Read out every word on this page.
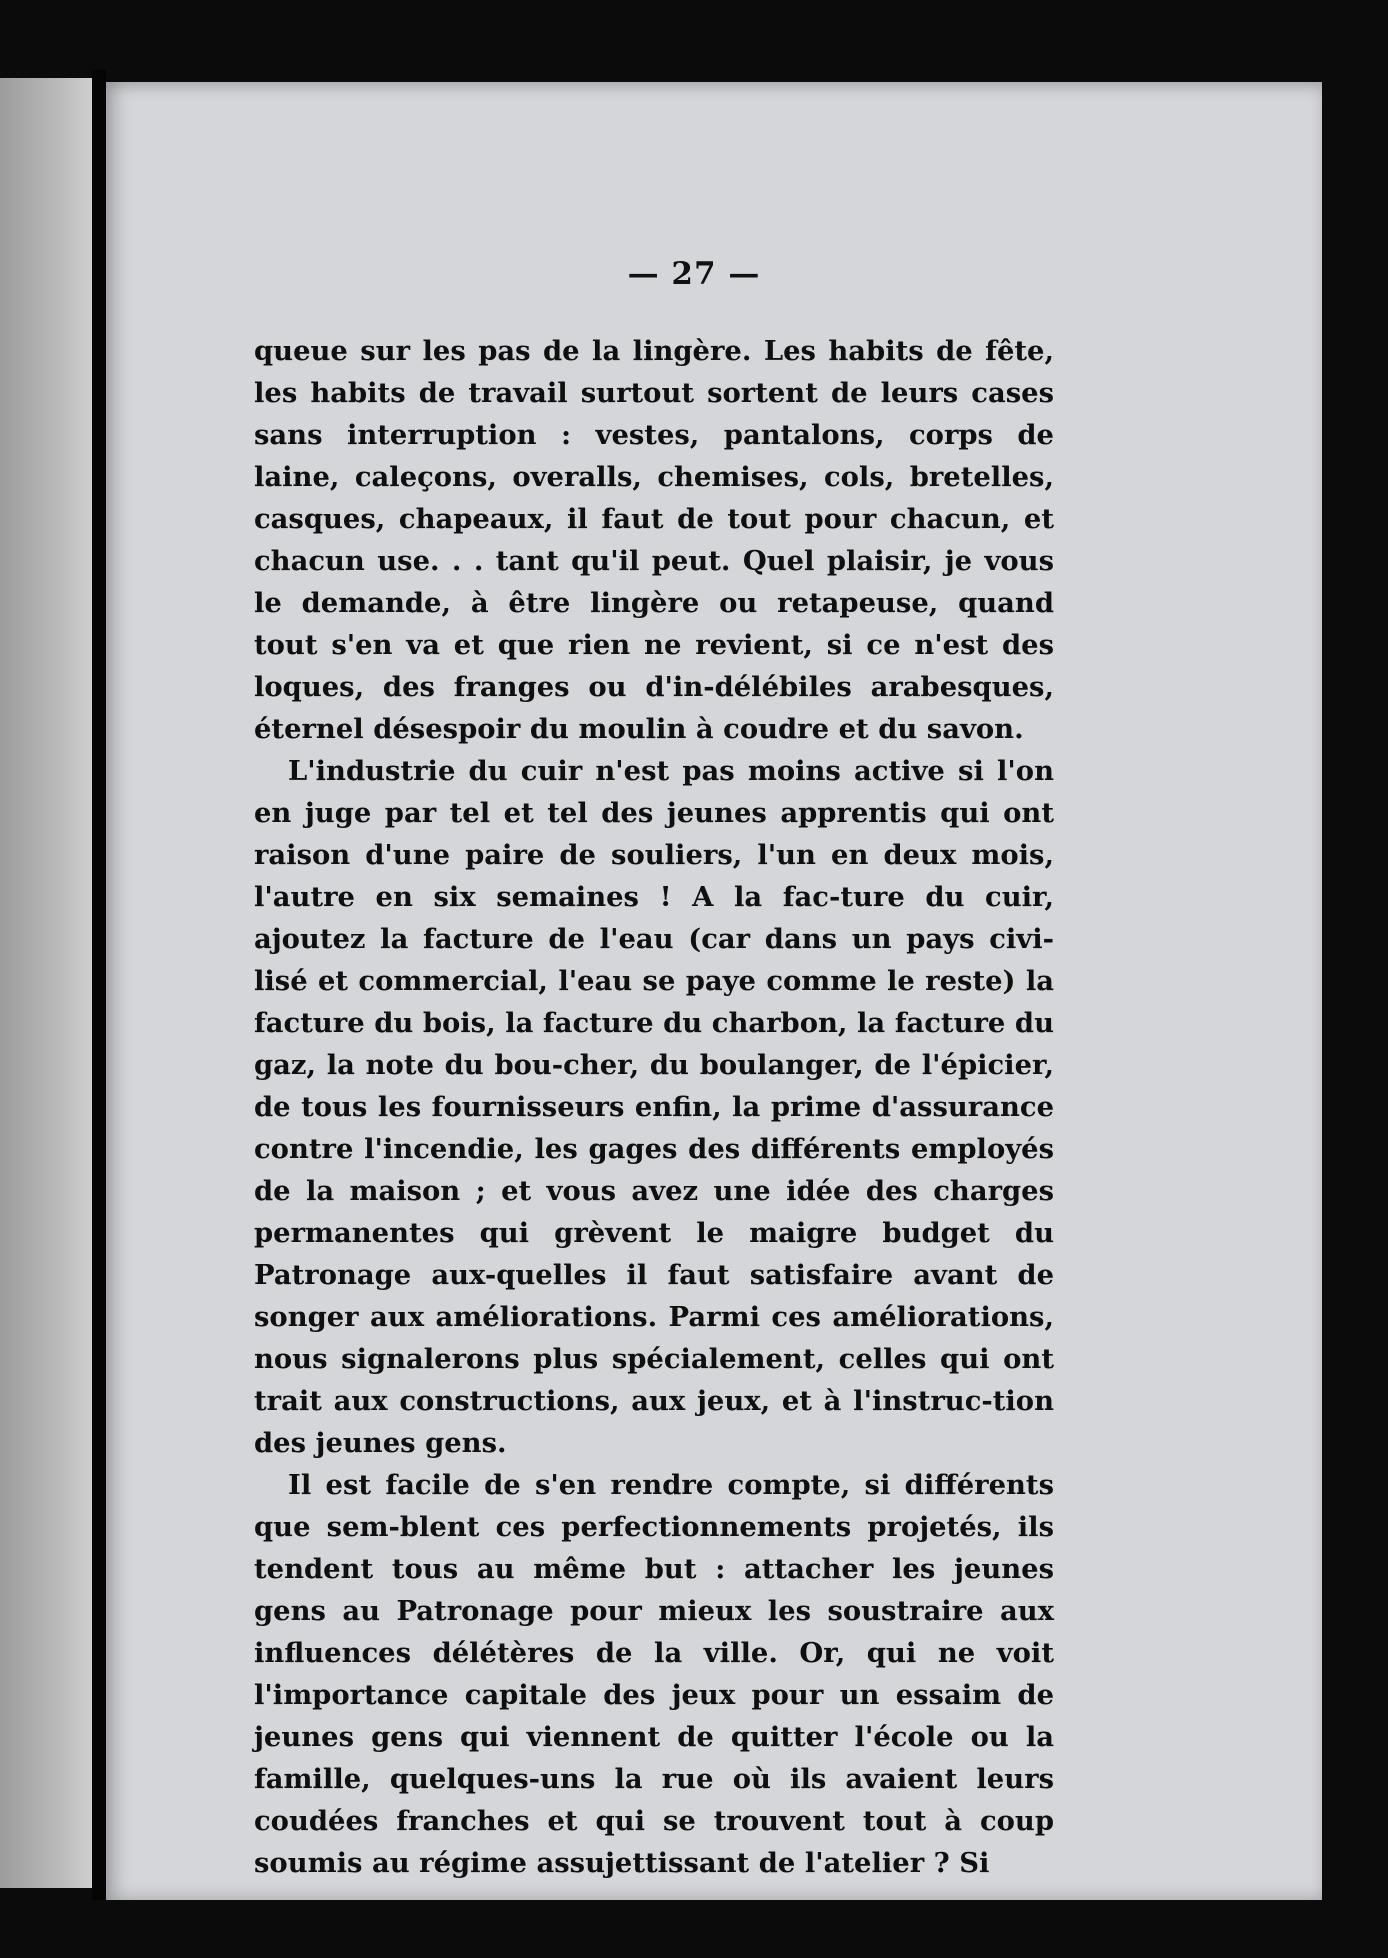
— 27 —

queue sur les pas de la lingère. Les habits de fête, les habits de travail surtout sortent de leurs cases sans interruption : vestes, pantalons, corps de laine, caleçons, overalls, chemises, cols, bretelles, casques, chapeaux, il faut de tout pour chacun, et chacun use. . . tant qu'il peut. Quel plaisir, je vous le demande, à être lingère ou retapeuse, quand tout s'en va et que rien ne revient, si ce n'est des loques, des franges ou d'in-délébiles arabesques, éternel désespoir du moulin à coudre et du savon.

L'industrie du cuir n'est pas moins active si l'on en juge par tel et tel des jeunes apprentis qui ont raison d'une paire de souliers, l'un en deux mois, l'autre en six semaines ! A la fac-ture du cuir, ajoutez la facture de l'eau (car dans un pays civi-lisé et commercial, l'eau se paye comme le reste) la facture du bois, la facture du charbon, la facture du gaz, la note du bou-cher, du boulanger, de l'épicier, de tous les fournisseurs enfin, la prime d'assurance contre l'incendie, les gages des différents employés de la maison ; et vous avez une idée des charges permanentes qui grèvent le maigre budget du Patronage aux-quelles il faut satisfaire avant de songer aux améliorations. Parmi ces améliorations, nous signalerons plus spécialement, celles qui ont trait aux constructions, aux jeux, et à l'instruc-tion des jeunes gens.

Il est facile de s'en rendre compte, si différents que sem-blent ces perfectionnements projetés, ils tendent tous au même but : attacher les jeunes gens au Patronage pour mieux les soustraire aux influences délétères de la ville. Or, qui ne voit l'importance capitale des jeux pour un essaim de jeunes gens qui viennent de quitter l'école ou la famille, quelques-uns la rue où ils avaient leurs coudées franches et qui se trouvent tout à coup soumis au régime assujettissant de l'atelier ? Si
